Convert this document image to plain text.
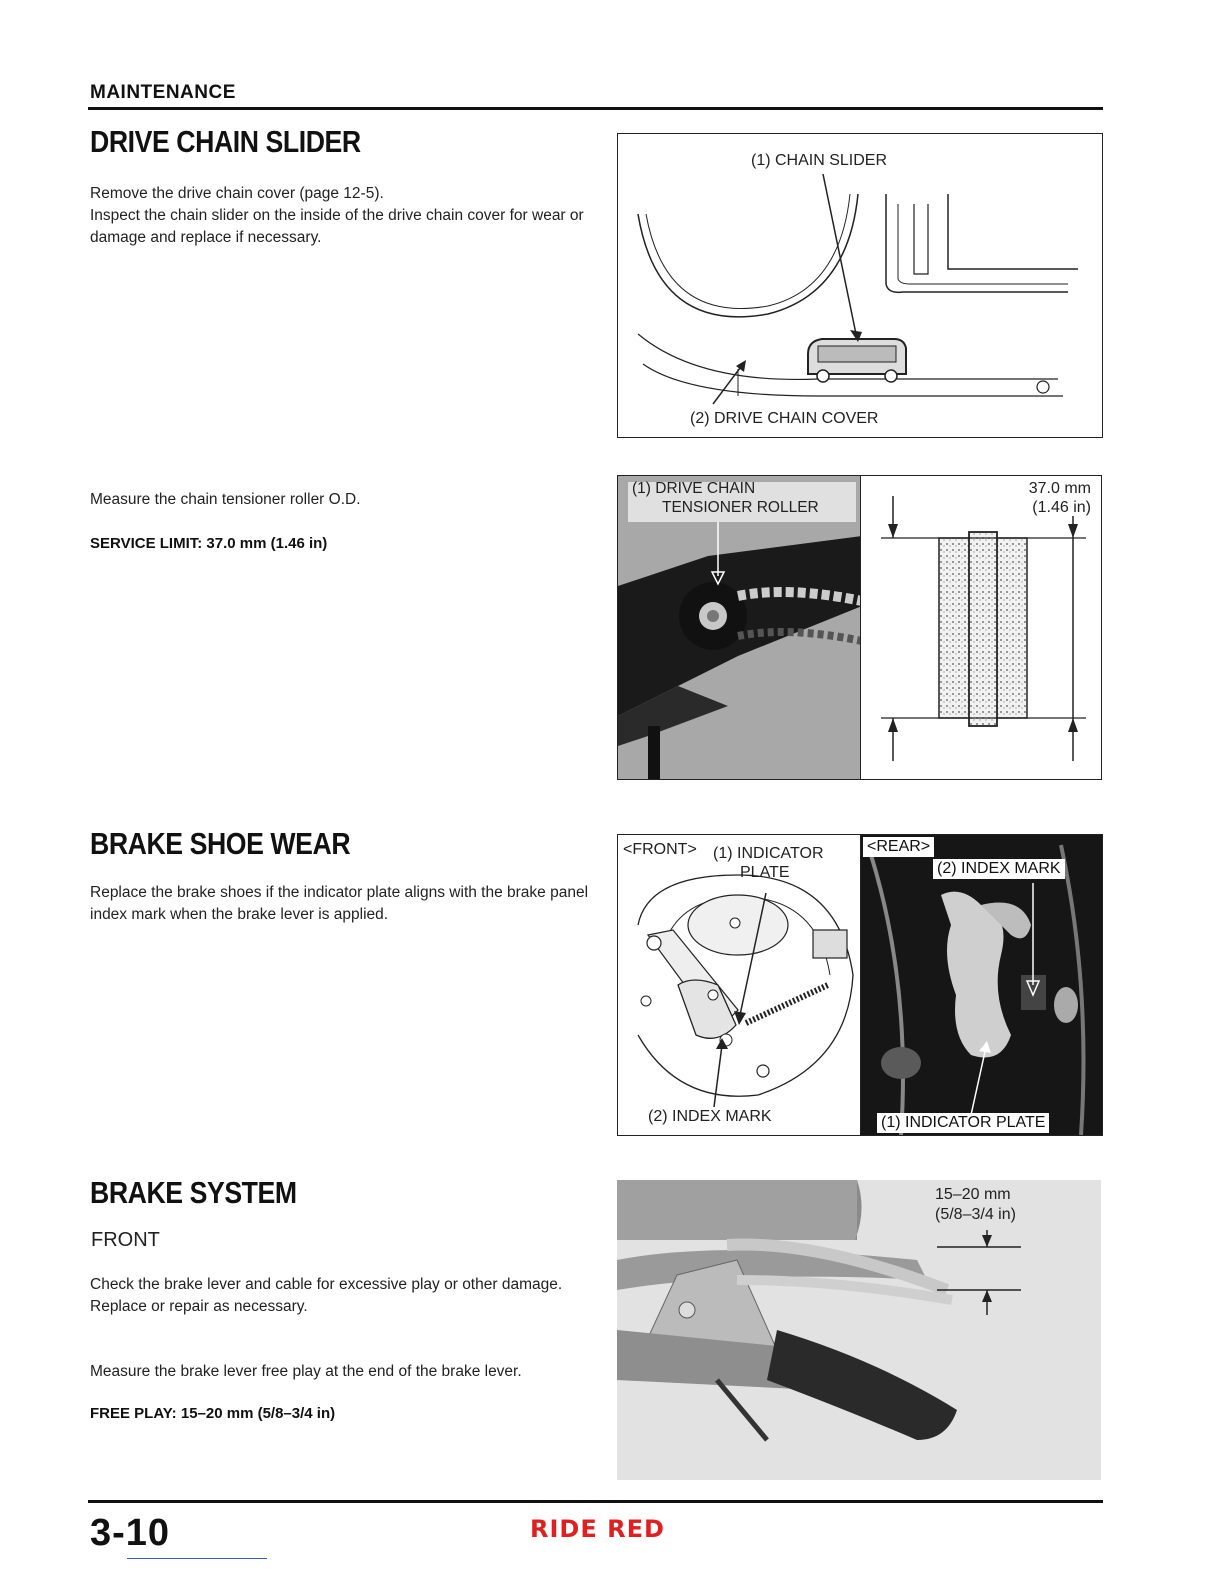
MAINTENANCE
DRIVE CHAIN SLIDER
Remove the drive chain cover (page 12-5).
Inspect the chain slider on the inside of the drive chain cover for wear or damage and replace if necessary.
(1) CHAIN SLIDER
(2) DRIVE CHAIN COVER
Measure the chain tensioner roller O.D.
SERVICE LIMIT: 37.0 mm (1.46 in)
(1) DRIVE CHAIN
TENSIONER ROLLER
37.0 mm
(1.46 in)
BRAKE SHOE WEAR
Replace the brake shoes if the indicator plate aligns with the brake panel index mark when the brake lever is applied.
<FRONT> (1) INDICATOR
PLATE
(2) INDEX MARK
<REAR>
(2) INDEX MARK
(1) INDICATOR PLATE
BRAKE SYSTEM
FRONT
Check the brake lever and cable for excessive play or other damage.
Replace or repair as necessary.
Measure the brake lever free play at the end of the brake lever.
FREE PLAY: 15–20 mm (5/8–3/4 in)
15–20 mm
(5/8–3/4 in)
3-10	RIDE RED
